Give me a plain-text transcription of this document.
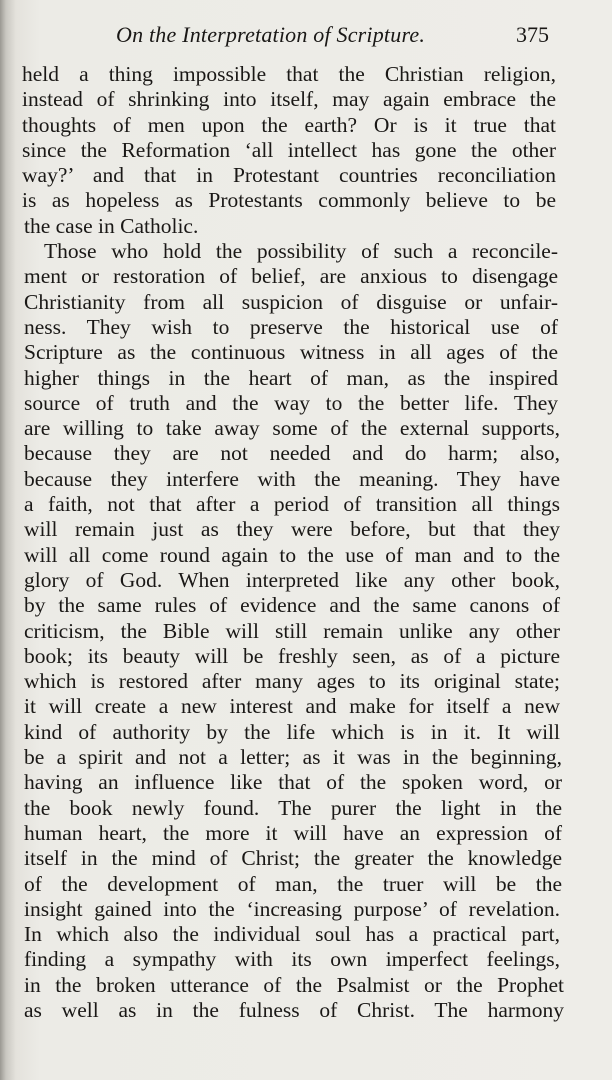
On the Interpretation of Scripture.	375
held a thing impossible that the Christian religion,
instead of shrinking into itself, may again embrace the
thoughts of men upon the earth? Or is it true that
since the Reformation ‘all intellect has gone the other
way?’ and that in Protestant countries reconciliation
is as hopeless as Protestants commonly believe to be
the case in Catholic.
Those who hold the possibility of such a reconcile-
ment or restoration of belief, are anxious to disengage
Christianity from all suspicion of disguise or unfair-
ness. They wish to preserve the historical use of
Scripture as the continuous witness in all ages of the
higher things in the heart of man, as the inspired
source of truth and the way to the better life. They
are willing to take away some of the external supports,
because they are not needed and do harm; also,
because they interfere with the meaning. They have
a faith, not that after a period of transition all things
will remain just as they were before, but that they
will all come round again to the use of man and to the
glory of God. When interpreted like any other book,
by the same rules of evidence and the same canons of
criticism, the Bible will still remain unlike any other
book; its beauty will be freshly seen, as of a picture
which is restored after many ages to its original state;
it will create a new interest and make for itself a new
kind of authority by the life which is in it. It will
be a spirit and not a letter; as it was in the beginning,
having an influence like that of the spoken word, or
the book newly found. The purer the light in the
human heart, the more it will have an expression of
itself in the mind of Christ; the greater the knowledge
of the development of man, the truer will be the
insight gained into the ‘increasing purpose’ of revelation.
In which also the individual soul has a practical part,
finding a sympathy with its own imperfect feelings,
in the broken utterance of the Psalmist or the Prophet
as well as in the fulness of Christ. The harmony
